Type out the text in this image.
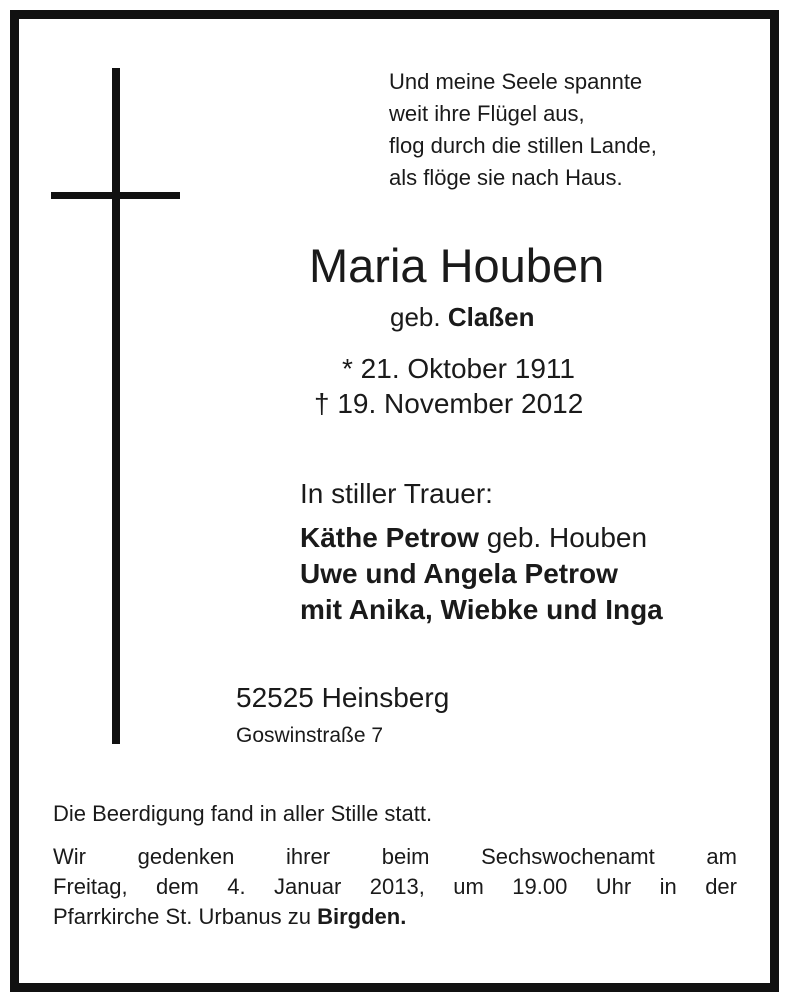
Und meine Seele spannte
weit ihre Flügel aus,
flog durch die stillen Lande,
als flöge sie nach Haus.
Maria Houben
geb. Claßen
* 21. Oktober 1911
† 19. November 2012
In stiller Trauer:
Käthe Petrow geb. Houben
Uwe und Angela Petrow
mit Anika, Wiebke und Inga
52525 Heinsberg
Goswinstraße 7
Die Beerdigung fand in aller Stille statt.
Wir gedenken ihrer beim Sechswochenamt am
Freitag, dem 4. Januar 2013, um 19.00 Uhr in der
Pfarrkirche St. Urbanus zu Birgden.
